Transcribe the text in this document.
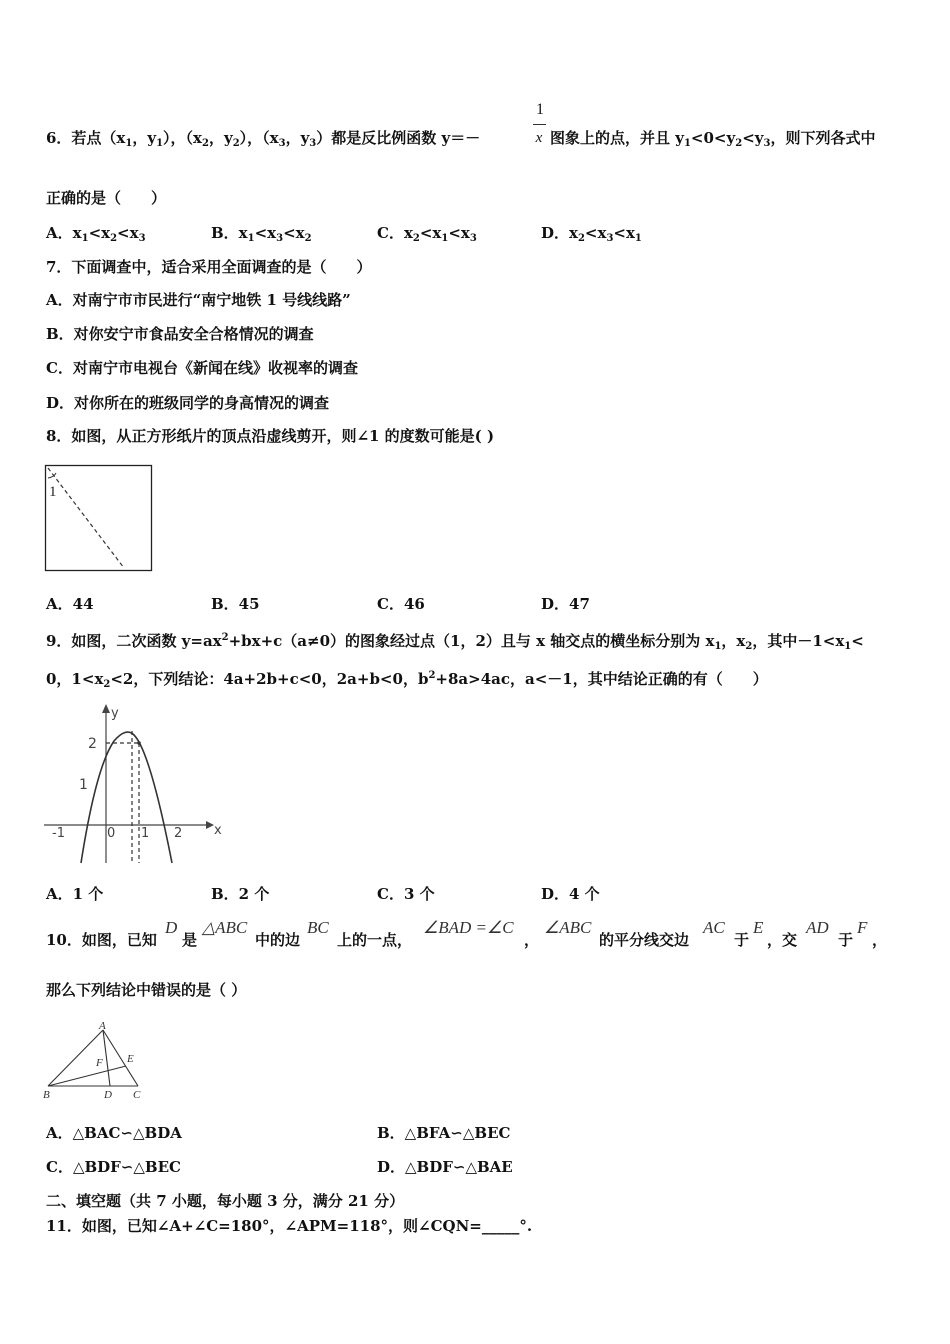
1
x
6．若点（$x_1$，$y_1$），（$x_2$，$y_2$），（$x_3$，$y_3$）都是反比例函数 y＝－	图象上的点，并且 $y_1<0<y_2<y_3$，则下列各式中
正确的是（　　）
A．$x_1<x_2<x_3$	B．$x_1<x_3<x_2$	C．$x_2<x_1<x_3$	D．$x_2<x_3<x_1$
7．下面调查中，适合采用全面调查的是（　　）
A．对南宁市市民进行“南宁地铁 1 号线线路”
B．对你安宁市食品安全合格情况的调查
C．对南宁市电视台《新闻在线》收视率的调查
D．对你所在的班级同学的身高情况的调查
8．如图，从正方形纸片的顶点沿虚线剪开，则∠1 的度数可能是( )
1
A．44	B．45	C．46	D．47
9．如图，二次函数 $y=ax^2+bx+c(a\ne 0)$的图象经过点（1，2）且与 x 轴交点的横坐标分别为 $x_1$，$x_2$，其中$-1<x_1<$
0，$1<x_2<2$，下列结论：4a+2b+c<0，2a+b<0，$b^2+8a>4ac$，a<－1，其中结论正确的有（　　）
y
x
2
1
-1	0 1 2
A．1 个	B．2 个	C．3 个	D．4 个
10．如图，已知
D
是
△ABC
中的边
BC
上的一点，
∠BAD =∠C
，
∠ABC
的平分线交边
AC
于
E
，交
AD
于
F
，
那么下列结论中错误的是（ ）
A
B	C
D
E
F
A．△BAC∽△BDA	B．△BFA∽△BEC
C．△BDF∽△BEC	D．△BDF∽△BAE
二、填空题（共 7 小题，每小题 3 分，满分 21 分）
11．如图，已知∠A+∠C=180°，∠APM=118°，则∠CQN=_____°.
